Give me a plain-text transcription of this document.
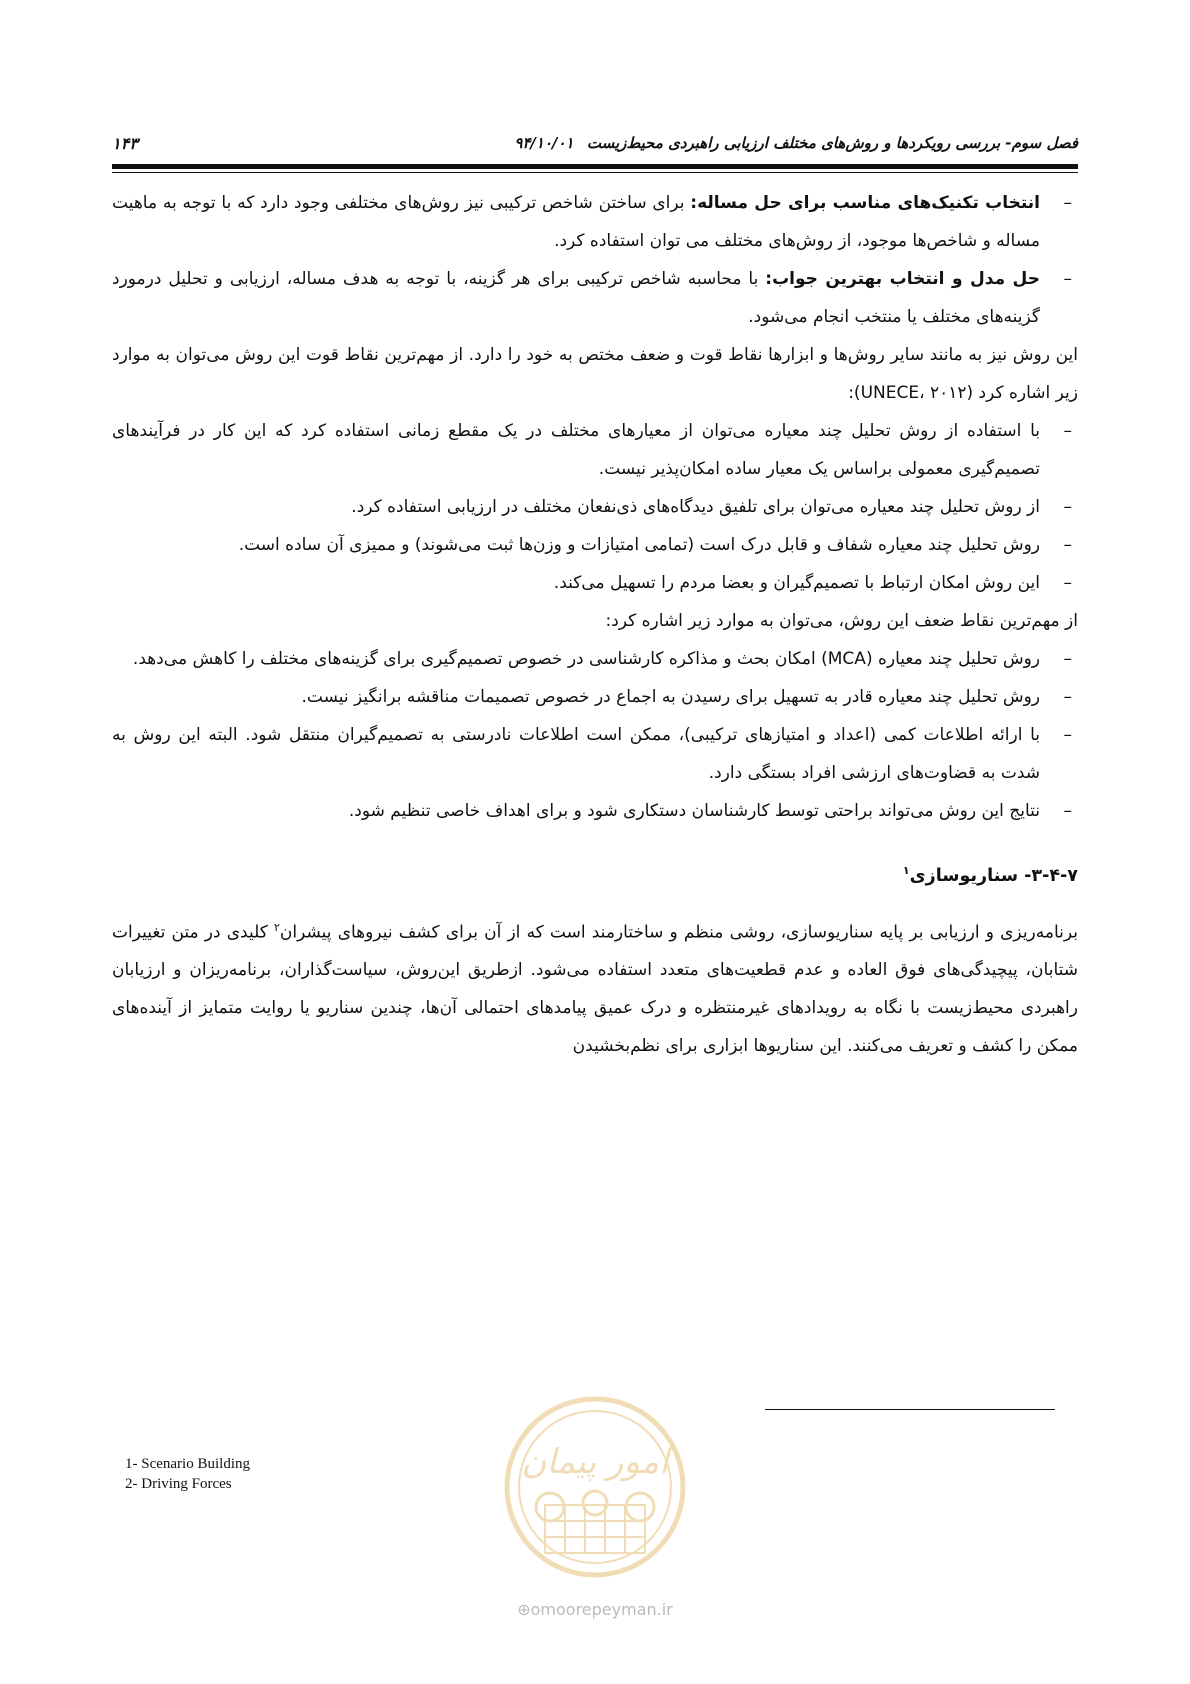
فصل سوم- بررسی رویکردها و روش‌های مختلف ارزیابی راهبردی محیط‌زیست ۹۴/۱۰/۰۱
۱۴۳

–
انتخاب تکنیک‌های مناسب برای حل مساله: برای ساختن شاخص ترکیبی نیز روش‌های مختلفی وجود دارد که با توجه به ماهیت مساله و شاخص‌ها موجود، از روش‌های مختلف می توان استفاده کرد.

–
حل مدل و انتخاب بهترین جواب: با محاسبه شاخص ترکیبی برای هر گزینه، با توجه به هدف مساله، ارزیابی و تحلیل درمورد گزینه‌های مختلف یا منتخب انجام می‌شود.

این روش نیز به مانند سایر روش‌ها و ابزارها نقاط قوت و ضعف مختص به خود را دارد. از مهم‌ترین نقاط قوت این روش می‌توان به موارد زیر اشاره کرد (UNECE، ۲۰۱۲):

–
با استفاده از روش تحلیل چند معیاره می‌توان از معیارهای مختلف در یک مقطع زمانی استفاده کرد که این کار در فرآیندهای تصمیم‌گیری معمولی براساس یک معیار ساده امکان‌پذیر نیست.

–
از روش تحلیل چند معیاره می‌توان برای تلفیق دیدگاه‌های ذی‌نفعان مختلف در ارزیابی استفاده کرد.

–
روش تحلیل چند معیاره شفاف و قابل درک است (تمامی امتیازات و وزن‌ها ثبت می‌شوند) و ممیزی آن ساده است.

–
این روش امکان ارتباط با تصمیم‌گیران و بعضا مردم را تسهیل می‌کند.

از مهم‌ترین نقاط ضعف این روش، می‌توان به موارد زیر اشاره کرد:

–
روش تحلیل چند معیاره (MCA) امکان بحث و مذاکره کارشناسی در خصوص تصمیم‌گیری برای گزینه‌های مختلف را کاهش می‌دهد.

–
روش تحلیل چند معیاره قادر به تسهیل برای رسیدن به اجماع در خصوص تصمیمات مناقشه برانگیز نیست.

–
با ارائه اطلاعات کمی (اعداد و امتیازهای ترکیبی)، ممکن است اطلاعات نادرستی به تصمیم‌گیران منتقل شود. البته این روش به شدت به قضاوت‌های ارزشی افراد بستگی دارد.

–
نتایج این روش می‌تواند براحتی توسط کارشناسان دستکاری شود و برای اهداف خاصی تنظیم شود.

۳-۴-۷- سناریوسازی$^۱$

برنامه‌ریزی و ارزیابی بر پایه سناریوسازی، روشی منظم و ساختارمند است که از آن برای کشف نیروهای پیشران$^۲$ کلیدی در متن تغییرات شتابان، پیچیدگی‌های فوق العاده و عدم قطعیت‌های متعدد استفاده می‌شود. ازطریق این‌روش، سیاست‌گذاران، برنامه‌ریزان و ارزیابان راهبردی محیط‌زیست با نگاه به رویدادهای غیرمنتظره و درک عمیق پیامدهای احتمالی آن‌ها، چندین سناریو یا روایت متمایز از آینده‌های ممکن را کشف و تعریف می‌کنند. این سناریوها ابزاری برای نظم‌بخشیدن

1- Scenario Building
2- Driving Forces
امور پیمان
⊕omoorepeyman.ir
